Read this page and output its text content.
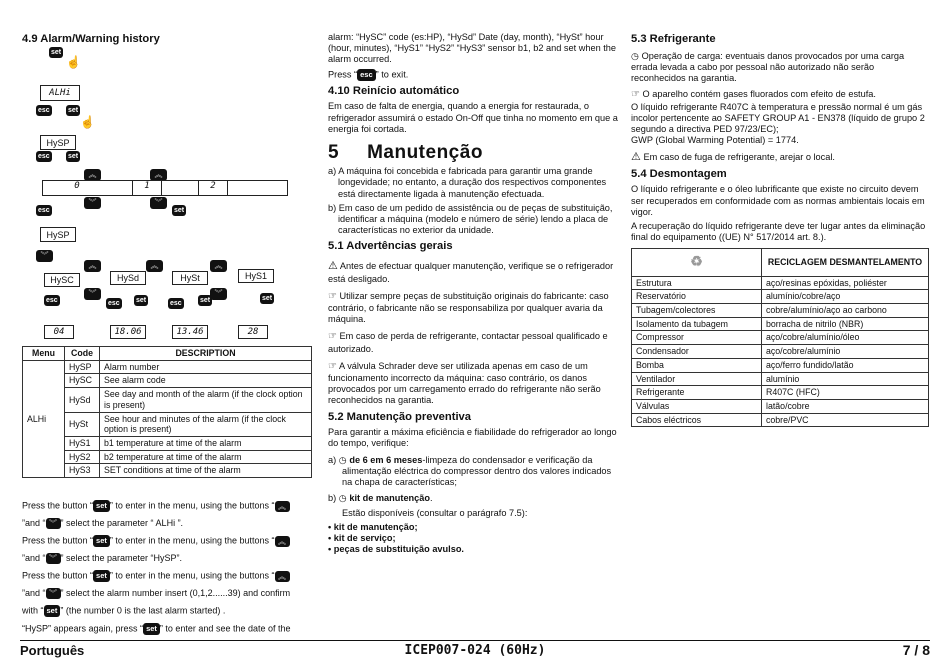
4.9 Alarm/Warning history
set
☝
ALHi
esc	set
☝
HySP
esc	set
︽	︽
0	1	2
︾	︾
esc	set
HySP
︾
︽	︽	︽
HySC	HySd	HySt	HyS1
︾	︾
esc	esc set	esc	set	set
04	18.06	13.46	28
Menu	Code	DESCRIPTION
ALHi	HySP	Alarm number
	HySC	See alarm code
	HySd	See day and month of the alarm (if the clock option is present)
	HySt	See hour and minutes of the alarm (if the clock option is present)
	HyS1	b1 temperature at time of the alarm
	HyS2	b2 temperature at time of the alarm
	HyS3	SET conditions at time of the alarm

Press the button “ set ” to enter in the menu, using the buttons “ ︽

”and “ ︾ ” select the parameter “ ALHi ”.

Press the button “ set ” to enter in the menu, using the buttons “ ︽

”and “ ︾ ” select the parameter “HySP”.

Press the button “ set ” to enter in the menu, using the buttons “ ︽

”and “ ︾ ” select the alarm number insert (0,1,2......39) and confirm

with “ set ” (the number 0 is the last alarm started) .

“HySP” appears again, press “ set ” to enter and see the date of the

alarm: “HySC” code (es:HP), “HySd” Date (day, month), “HySt” hour (hour, minutes), “HyS1” “HyS2” “HyS3” sensor b1, b2 and set when the alarm occurred.

Press “ esc ” to exit.

4.10 Reinício automático

Em caso de falta de energia, quando a energia for restaurada, o refrigerador assumirá o estado On-Off que tinha no momento em que a energia foi cortada.

5 Manutenção

a) A máquina foi concebida e fabricada para garantir uma grande longevidade; no entanto, a duração dos respectivos componentes está directamente ligada à manutenção efectuada.

b) Em caso de um pedido de assistência ou de peças de substituição, identificar a máquina (modelo e número de série) lendo a placa de características no exterior da unidade.

5.1 Advertências gerais

⚠ Antes de efectuar qualquer manutenção, verifique se o refrigerador está desligado.

☞ Utilizar sempre peças de substituição originais do fabricante: caso contrário, o fabricante não se responsabiliza por qualquer avaria da máquina.

☞ Em caso de perda de refrigerante, contactar pessoal qualificado e autorizado.

☞ A válvula Schrader deve ser utilizada apenas em caso de um funcionamento incorrecto da máquina: caso contrário, os danos provocados por um carregamento errado do refrigerante não serão reconhecidos na garantia.

5.2 Manutenção preventiva

Para garantir a máxima eficiência e fiabilidade do refrigerador ao longo do tempo, verifique:

a) ◷ de 6 em 6 meses-limpeza do condensador e verificação da alimentação eléctrica do compressor dentro dos valores indicados na chapa de características;

b) ◷ kit de manutenção.

Estão disponíveis (consultar o parágrafo 7.5):

• kit de manutenção;
• kit de serviço;
• peças de substituição avulso.
5.3 Refrigerante

◷ Operação de carga: eventuais danos provocados por uma carga errada levada a cabo por pessoal não autorizado não serão reconhecidos na garantia.

☞ O aparelho contém gases fluorados com efeito de estufa.

O líquido refrigerante R407C à temperatura e pressão normal é um gás incolor pertencente ao SAFETY GROUP A1 - EN378 (líquido de grupo 2 segundo a directiva PED 97/23/EC);

GWP (Global Warming Potential) = 1774.

⚠ Em caso de fuga de refrigerante, arejar o local.

5.4 Desmontagem

O líquido refrigerante e o óleo lubrificante que existe no circuito devem ser recuperados em conformidade com as normas ambientais locais em vigor.

A recuperação do líquido refrigerante deve ter lugar antes da eliminação final do equipamento ((UE) N° 517/2014 art. 8.).

♻	RECICLAGEM DESMANTELAMENTO
Estrutura	aço/resinas epóxidas, poliéster
Reservatório	alumínio/cobre/aço
Tubagem/colectores	cobre/alumínio/aço ao carbono
Isolamento da tubagem	borracha de nitrilo (NBR)
Compressor	aço/cobre/alumínio/óleo
Condensador	aço/cobre/alumínio
Bomba	aço/ferro fundido/latão
Ventilador	alumínio
Refrigerante	R407C (HFC)
Válvulas	latão/cobre
Cabos eléctricos	cobre/PVC
Português	ICEP007-024 (60Hz)	7 / 8
